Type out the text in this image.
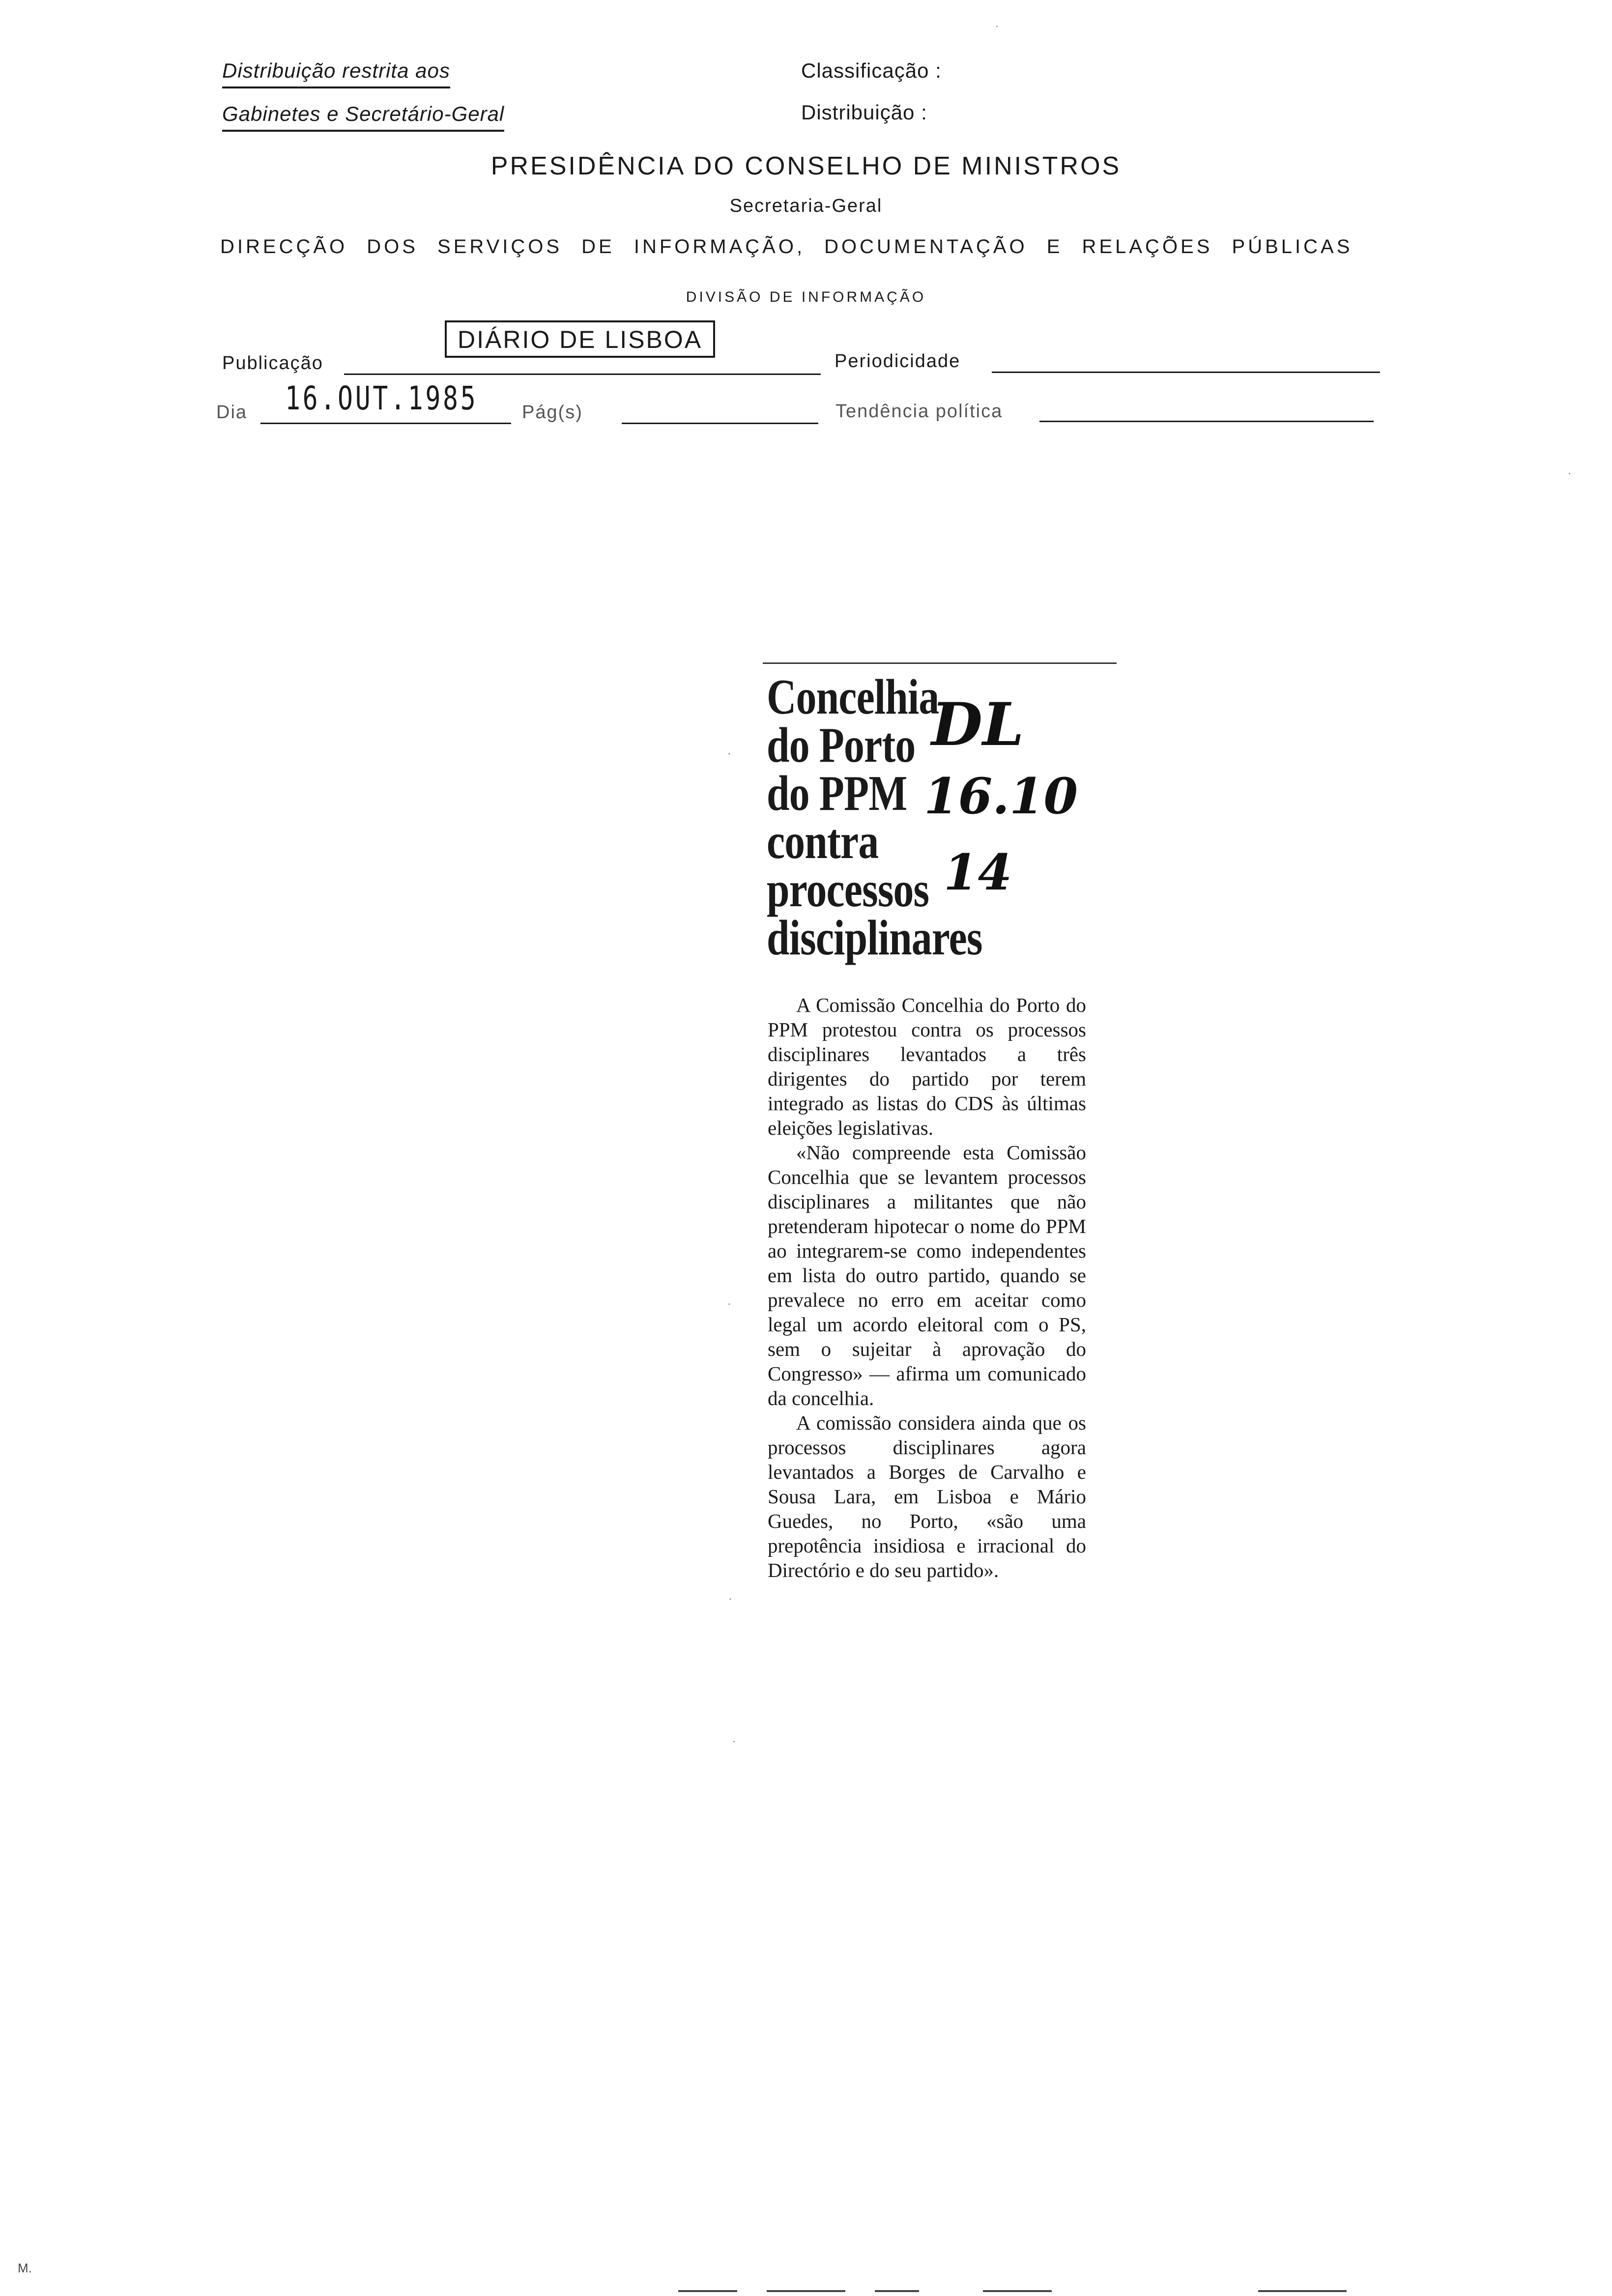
Distribuição restrita aos
Gabinetes e Secretário-Geral
Classificação :
Distribuição :
PRESIDÊNCIA DO CONSELHO DE MINISTROS
Secretaria-Geral
DIRECÇÃO DOS SERVIÇOS DE INFORMAÇÃO, DOCUMENTAÇÃO E RELAÇÕES PÚBLICAS
DIVISÃO DE INFORMAÇÃO
Publicação
DIÁRIO DE LISBOA
Periodicidade
Dia 16.OUT.1985 Pág(s)	Tendência política
Concelhia
do Porto
do PPM
contra
processos
disciplinares
DL
16.10
14

A Comissão Concelhia do Porto do PPM protestou contra os processos disciplinares levantados a três dirigentes do partido por terem integrado as listas do CDS às últimas eleições legislativas.

«Não compreende esta Comissão Concelhia que se levantem processos disciplinares a militantes que não pretenderam hipotecar o nome do PPM ao integrarem-se como independentes em lista do outro partido, quando se prevalece no erro em aceitar como legal um acordo eleitoral com o PS, sem o sujeitar à aprovação do Congresso» — afirma um comunicado da concelhia.

A comissão considera ainda que os processos disciplinares agora levantados a Borges de Carvalho e Sousa Lara, em Lisboa e Mário Guedes, no Porto, «são uma prepotência insidiosa e irracional do Directório e do seu partido».

·
·
·
·
·
·
M.
